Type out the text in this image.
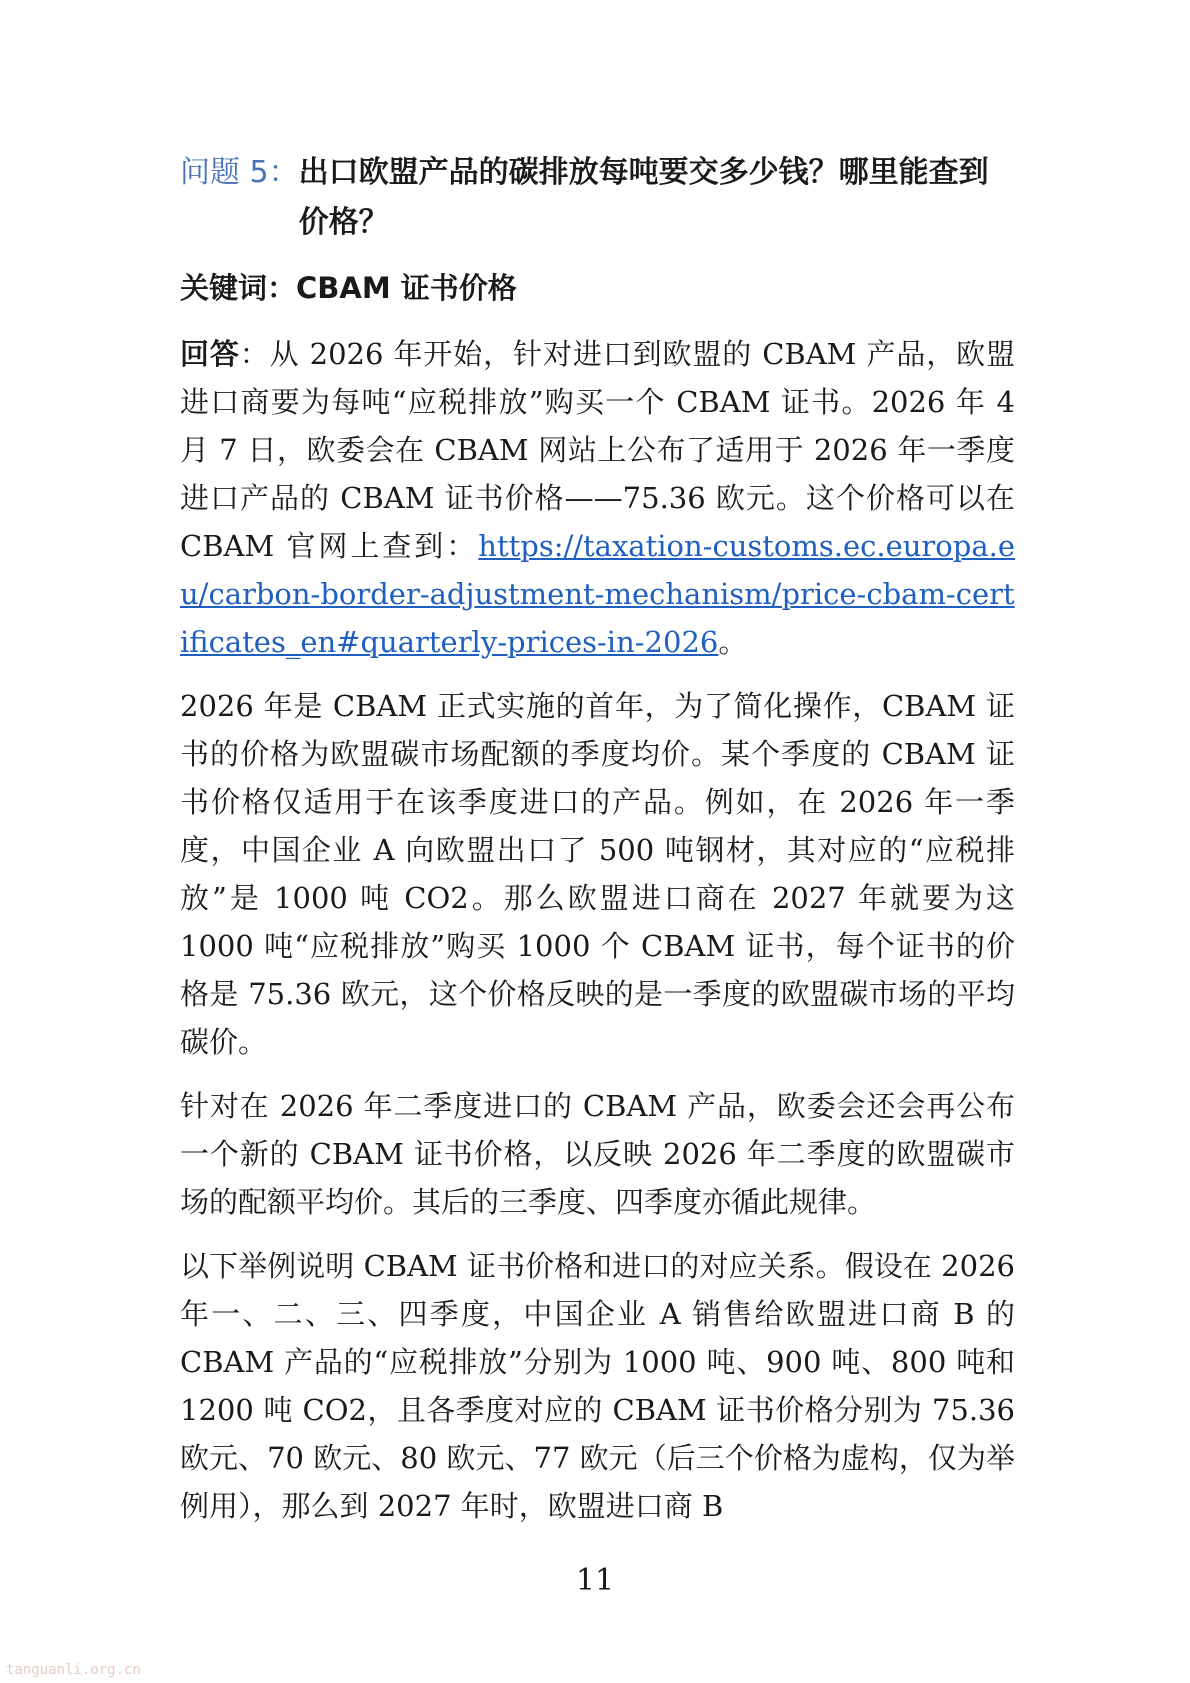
问题 5： 出口欧盟产品的碳排放每吨要交多少钱？哪里能查到价格？
关键词：CBAM 证书价格

回答：从 2026 年开始，针对进口到欧盟的 CBAM 产品，欧盟进口商要为每吨“应税排放”购买一个 CBAM 证书。2026 年 4 月 7 日，欧委会在 CBAM 网站上公布了适用于 2026 年一季度进口产品的 CBAM 证书价格——75.36 欧元。这个价格可以在 CBAM 官网上查到：https://taxation-customs.ec.europa.eu/carbon-border-adjustment-mechanism/price-cbam-certificates_en#quarterly-prices-in-2026。

2026 年是 CBAM 正式实施的首年，为了简化操作，CBAM 证书的价格为欧盟碳市场配额的季度均价。某个季度的 CBAM 证书价格仅适用于在该季度进口的产品。例如，在 2026 年一季度，中国企业 A 向欧盟出口了 500 吨钢材，其对应的“应税排放”是 1000 吨 CO2。那么欧盟进口商在 2027 年就要为这 1000 吨“应税排放”购买 1000 个 CBAM 证书，每个证书的价格是 75.36 欧元，这个价格反映的是一季度的欧盟碳市场的平均碳价。

针对在 2026 年二季度进口的 CBAM 产品，欧委会还会再公布一个新的 CBAM 证书价格，以反映 2026 年二季度的欧盟碳市场的配额平均价。其后的三季度、四季度亦循此规律。

以下举例说明 CBAM 证书价格和进口的对应关系。假设在 2026 年一、二、三、四季度，中国企业 A 销售给欧盟进口商 B 的 CBAM 产品的“应税排放”分别为 1000 吨、900 吨、800 吨和 1200 吨 CO2，且各季度对应的 CBAM 证书价格分别为 75.36 欧元、70 欧元、80 欧元、77 欧元（后三个价格为虚构，仅为举例用），那么到 2027 年时，欧盟进口商 B

11
tanguanli.org.cn
